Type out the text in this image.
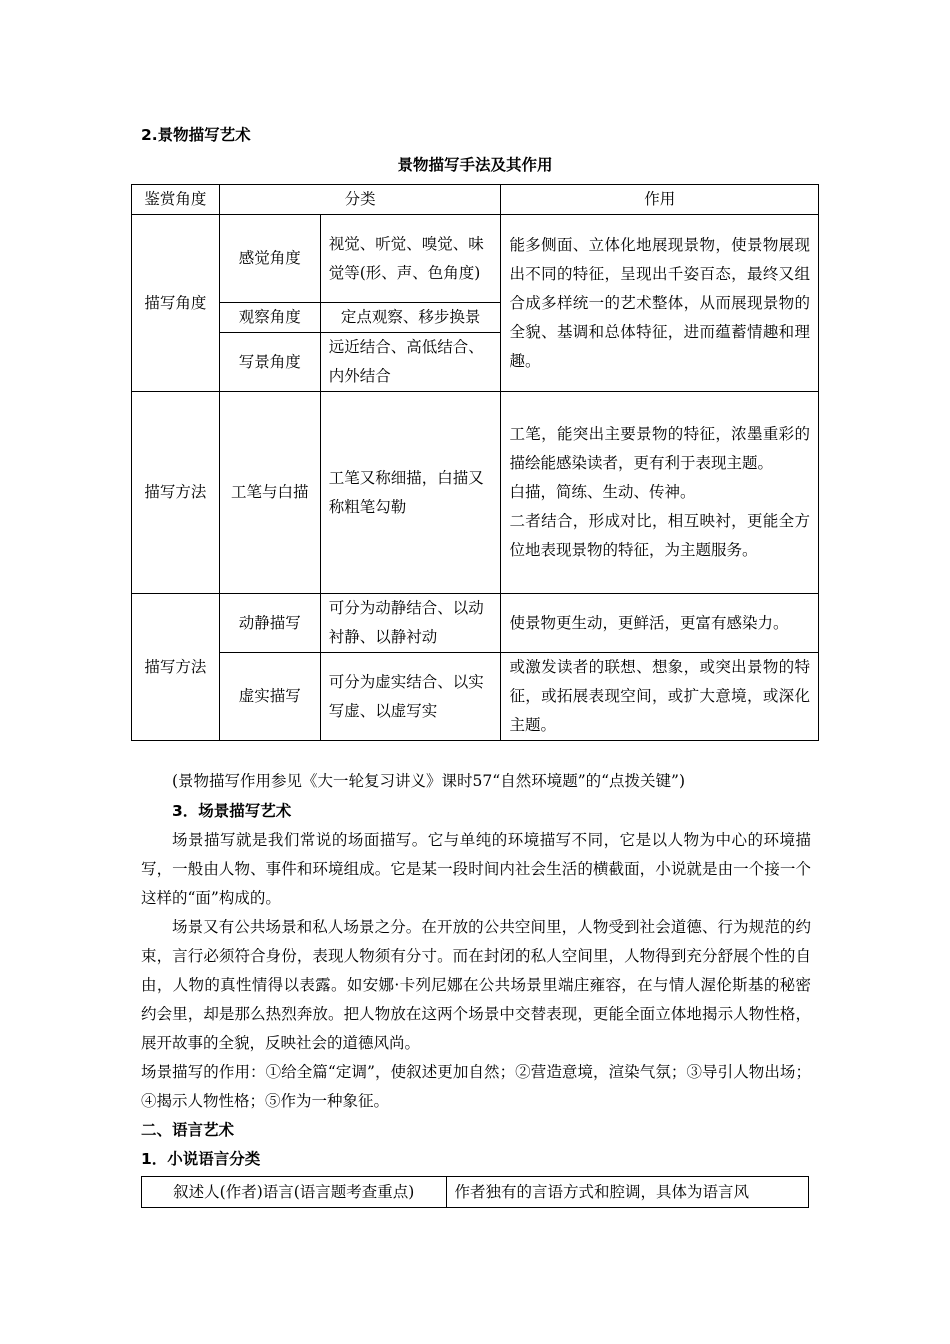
2.景物描写艺术
景物描写手法及其作用
鉴赏角度	分类		作用
描写角度	感觉角度	视觉、听觉、嗅觉、味觉等(形、声、色角度)	能多侧面、立体化地展现景物，使景物展现出不同的特征，呈现出千姿百态，最终又组合成多样统一的艺术整体，从而展现景物的全貌、基调和总体特征，进而蕴蓄情趣和理趣。
	观察角度	定点观察、移步换景	
	写景角度	远近结合、高低结合、内外结合	
描写方法	工笔与白描	工笔又称细描，白描又称粗笔勾勒	工笔，能突出主要景物的特征，浓墨重彩的描绘能感染读者，更有利于表现主题。
白描，简练、生动、传神。
二者结合，形成对比，相互映衬，更能全方位地表现景物的特征，为主题服务。

描写方法	动静描写	可分为动静结合、以动衬静、以静衬动	使景物更生动，更鲜活，更富有感染力。
	虚实描写	可分为虚实结合、以实写虚、以虚写实	或激发读者的联想、想象，或突出景物的特征，或拓展表现空间，或扩大意境，或深化主题。
(景物描写作用参见《大一轮复习讲义》课时57“自然环境题”的“点拨关键”)
3．场景描写艺术
场景描写就是我们常说的场面描写。它与单纯的环境描写不同，它是以人物为中心的环境描写，一般由人物、事件和环境组成。它是某一段时间内社会生活的横截面，小说就是由一个接一个这样的“面”构成的。
场景又有公共场景和私人场景之分。在开放的公共空间里，人物受到社会道德、行为规范的约束，言行必须符合身份，表现人物须有分寸。而在封闭的私人空间里，人物得到充分舒展个性的自由，人物的真性情得以表露。如安娜·卡列尼娜在公共场景里端庄雍容，在与情人渥伦斯基的秘密约会里，却是那么热烈奔放。把人物放在这两个场景中交替表现，更能全面立体地揭示人物性格，展开故事的全貌，反映社会的道德风尚。
场景描写的作用：①给全篇“定调”，使叙述更加自然；②营造意境，渲染气氛；③导引人物出场；④揭示人物性格；⑤作为一种象征。
二、语言艺术
1．小说语言分类
叙述人(作者)语言(语言题考查重点)	作者独有的言语方式和腔调，具体为语言风
